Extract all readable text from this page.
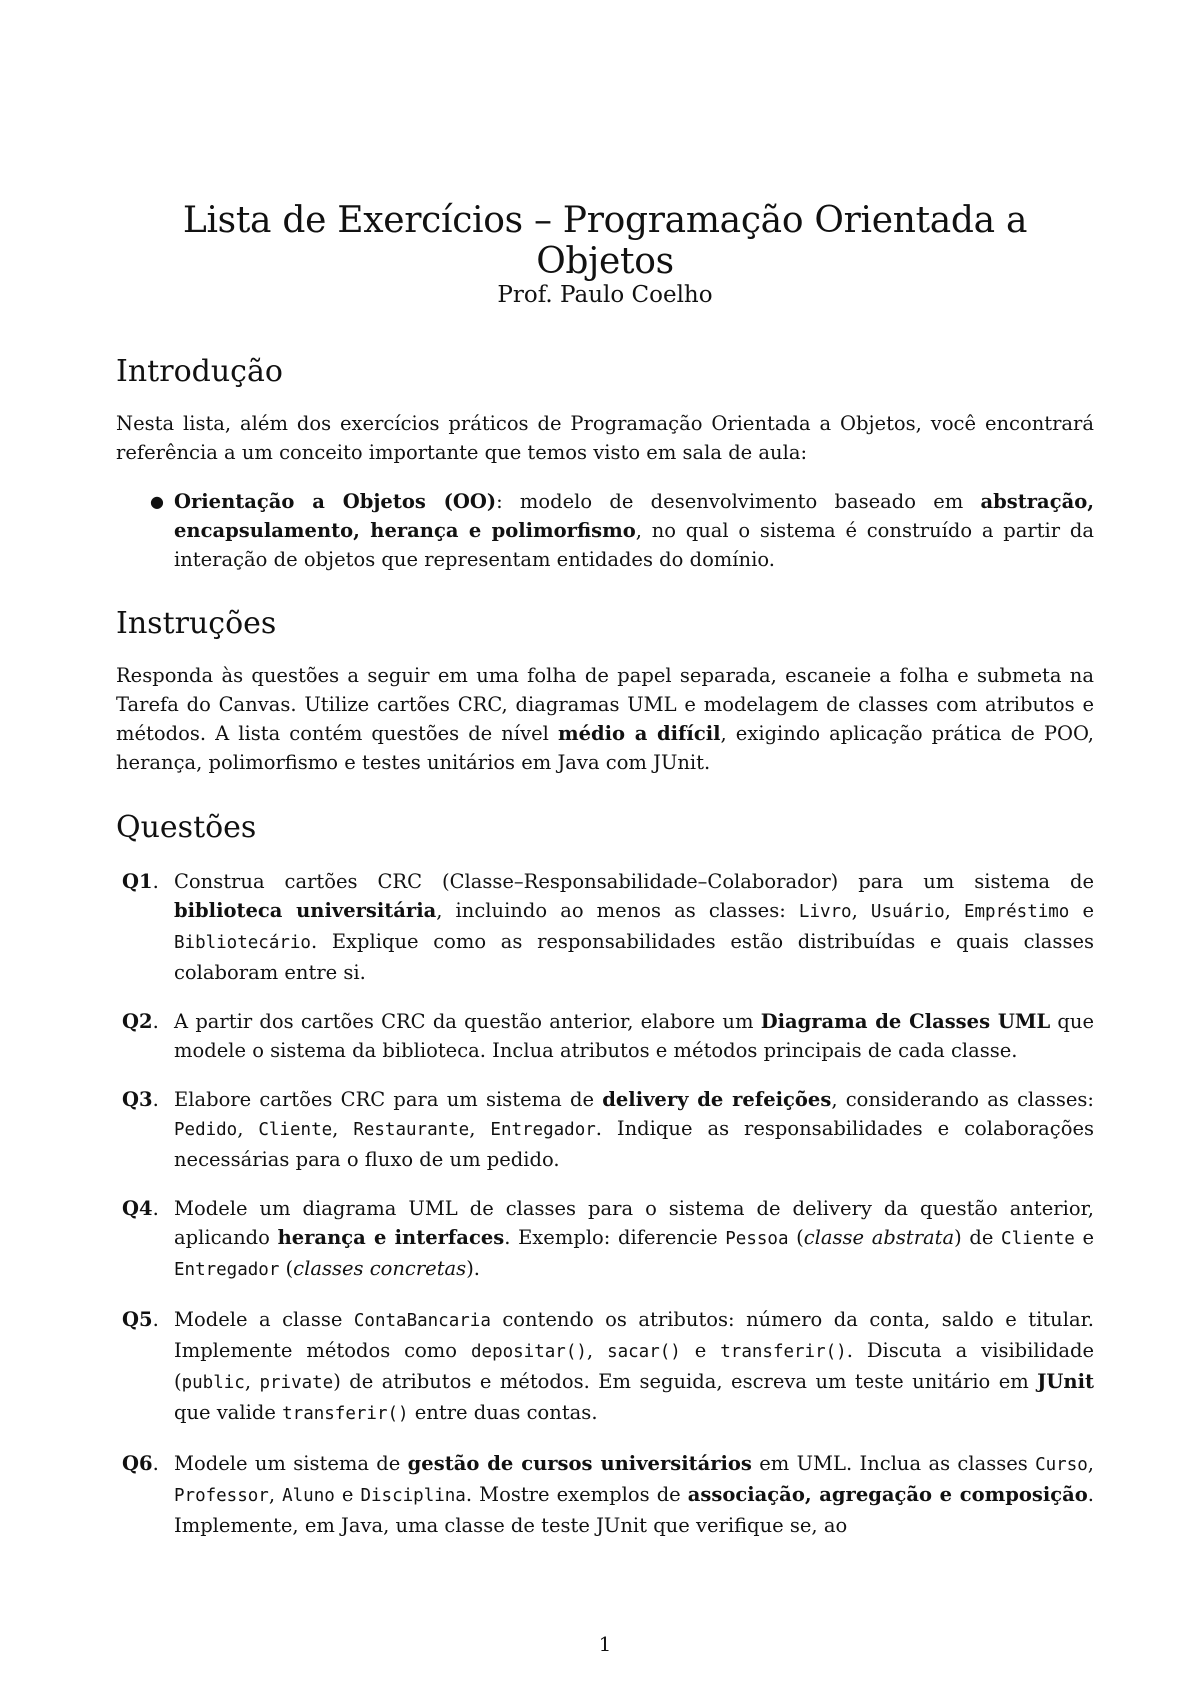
Lista de Exercícios – Programação Orientada a Objetos
Prof. Paulo Coelho
Introdução

Nesta lista, além dos exercícios práticos de Programação Orientada a Objetos, você encontrará referência a um conceito importante que temos visto em sala de aula:

● Orientação a Objetos (OO): modelo de desenvolvimento baseado em abstração, encapsulamento, herança e polimorfismo, no qual o sistema é construído a partir da interação de objetos que representam entidades do domínio.
Instruções

Responda às questões a seguir em uma folha de papel separada, escaneie a folha e submeta na Tarefa do Canvas. Utilize cartões CRC, diagramas UML e modelagem de classes com atributos e métodos. A lista contém questões de nível médio a difícil, exigindo aplicação prática de POO, herança, polimorfismo e testes unitários em Java com JUnit.

Questões
Q1. Construa cartões CRC (Classe–Responsabilidade–Colaborador) para um sistema de biblioteca universitária, incluindo ao menos as classes: Livro, Usuário, Empréstimo e Bibliotecário. Explique como as responsabilidades estão distribuídas e quais classes colaboram entre si.
Q2. A partir dos cartões CRC da questão anterior, elabore um Diagrama de Classes UML que modele o sistema da biblioteca. Inclua atributos e métodos principais de cada classe.
Q3. Elabore cartões CRC para um sistema de delivery de refeições, considerando as classes: Pedido, Cliente, Restaurante, Entregador. Indique as responsabilidades e colaborações necessárias para o fluxo de um pedido.
Q4. Modele um diagrama UML de classes para o sistema de delivery da questão anterior, aplicando herança e interfaces. Exemplo: diferencie Pessoa (classe abstrata) de Cliente e Entregador (classes concretas).
Q5. Modele a classe ContaBancaria contendo os atributos: número da conta, saldo e titular. Implemente métodos como depositar(), sacar() e transferir(). Discuta a visibilidade (public, private) de atributos e métodos. Em seguida, escreva um teste unitário em JUnit que valide transferir() entre duas contas.
Q6. Modele um sistema de gestão de cursos universitários em UML. Inclua as classes Curso, Professor, Aluno e Disciplina. Mostre exemplos de associação, agregação e composição. Implemente, em Java, uma classe de teste JUnit que verifique se, ao
1
